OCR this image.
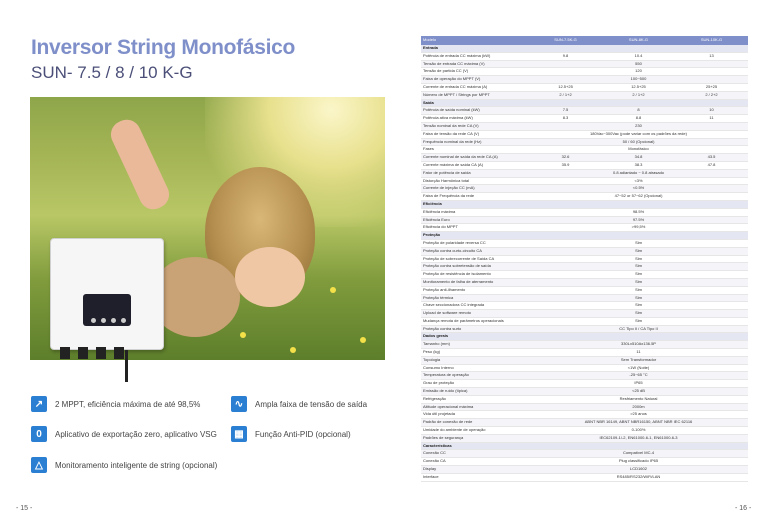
Inversor String Monofásico
SUN- 7.5 / 8 / 10 K-G
↗	2 MPPT, eficiência máxima de até 98,5%	∿	Ampla faixa de tensão de saída
0	Aplicativo de exportação zero, aplicativo VSG	▦	Função Anti-PID (opcional)
△	Monitoramento inteligente de string (opcional)
- 15 -	- 16 -
Modelo	SUN-7.5K-G	SUN-8K-G	SUN-10K-G
Entrada			
Potência de entrada CC máxima (kW)	9.8	10.4	13
Tensão de entrada CC máxima (V)	550		
Tensão de partida CC (V)	120		
Faixa de operação do MPPT (V)	100~500		
Corrente de entrada CC máxima (A)	12.5+25	12.5+25	25+25
Número de MPPT / Strings por MPPT	2 / 1+2	2 / 1+2	2 / 2+2
Saída			
Potência de saída nominal (kW)	7.5	8	10
Potência ativa máxima (kW)	8.3	8.8	11
Tensão nominal da rede CA (V)	230		
Faixa de tensão da rede CA (V)	180Vac~300Vac (pode variar com os padrões da rede)		
Frequência nominal da rede (Hz)	50 / 60 (Opcional)		
Fases	Monofásico		
Corrente nominal de saída da rede CA (A)	32.6	34.8	43.5
Corrente máxima de saída CA (A)	35.9	38.3	47.8
Fator de potência de saída	0.8 adiantado ~ 0.8 atrasado		
Distorção Harmônica total	<3%		
Corrente de injeção CC (mA)	<0.5%		
Faixa de Frequência da rede	47~52 or 57~62 (Opcional)		
Eficiência			
Eficiência máxima	98.5%		
Eficiência Euro	97.5%		
Eficiência do MPPT	>99,5%		
Proteção			
Proteção de polaridade reversa CC	Sim		
Proteção contra curto-circuito CA	Sim		
Proteção de sobrecorrente de Saída CA	Sim		
Proteção contra sobretensão de saída	Sim		
Proteção de resistência de isolamento	Sim		
Monitoramento de falha de aterramento	Sim		
Proteção anti-ilhamento	Sim		
Proteção térmica	Sim		
Chave seccionadora CC integrada	Sim		
Upload de software remoto	Sim		
Mudança remota de parâmetros operacionais	Sim		
Proteção contra surto	CC Tipo II / CA Tipo II		
Dados gerais			
Tamanho (mm)	330Lx510Ax136.5P		
Peso (kg)	11		
Topologia	Sem Transformador		
Consumo Interno	<1W (Noite)		
Temperatura de operação	-25~65 °C		
Grau de proteção	IP65		
Emissão de ruído (típica)	<25 dB		
Refrigeração	Resfriamento Natural		
Altitude operacional máxima	2000m		
Vida útil projetada	>25 anos		
Padrão de conexão de rede	ABNT NBR 16149, ABNT NBR16150, ABNT NBR IEC 62116		
Umidade do ambiente de operação	0-100%		
Padrões de segurança	IEC62109-1/-2, EN61000-6-1, EN61000-6-3		
Características			
Conexão CC	Compatível MC-4		
Conexão CA	Plug classificado IP65		
Display	LCD1602		
Interface	RS485/RS232/WiFi/LAN		
